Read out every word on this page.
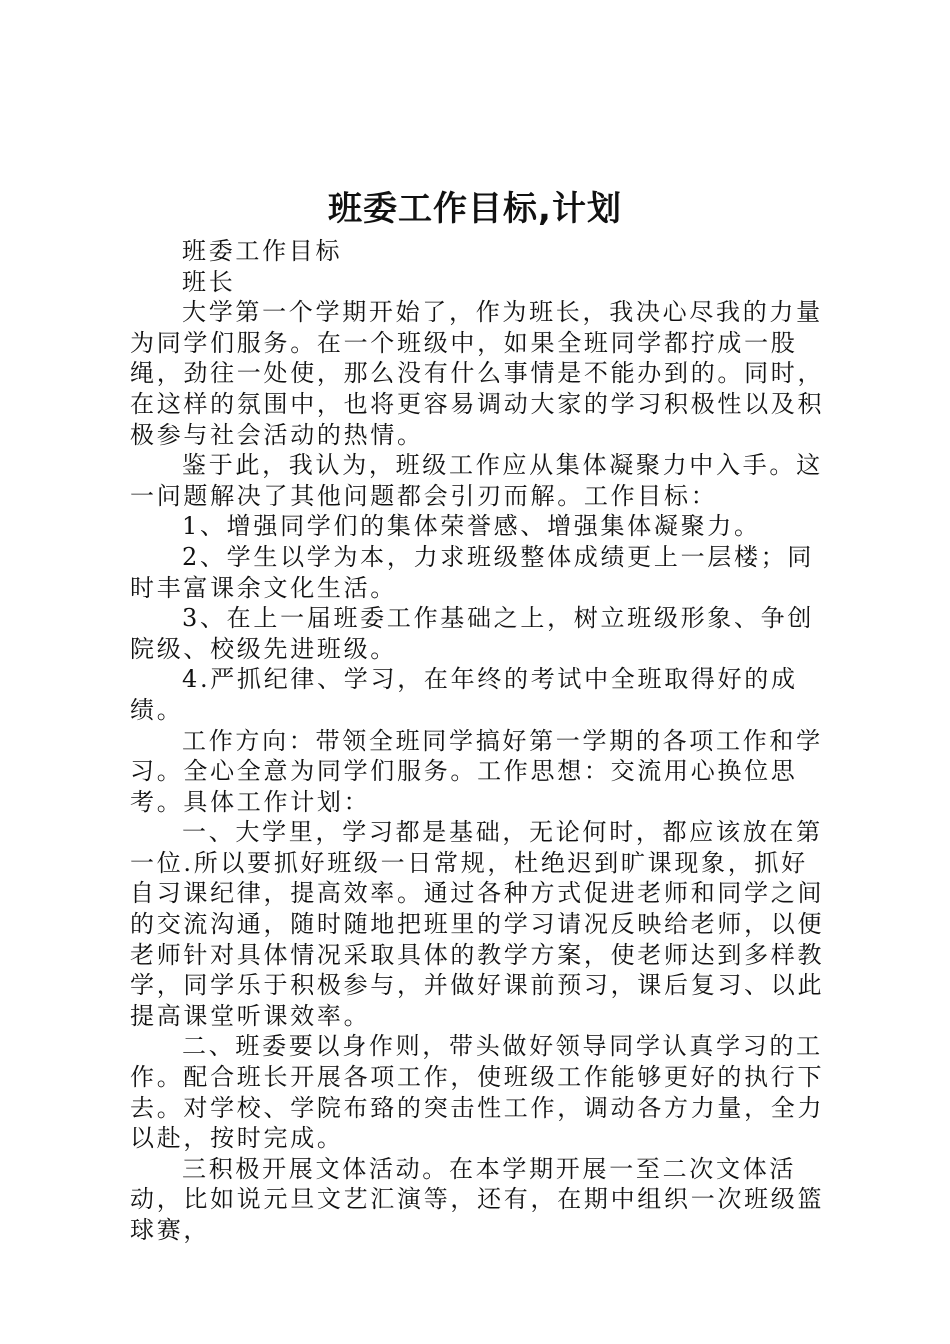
班委工作目标,计划

班委工作目标

班长

大学第一个学期开始了，作为班长，我决心尽我的力量为同学们服务。在一个班级中，如果全班同学都拧成一股绳，劲往一处使，那么没有什么事情是不能办到的。同时，在这样的氛围中，也将更容易调动大家的学习积极性以及积极参与社会活动的热情。

鉴于此，我认为，班级工作应从集体凝聚力中入手。这一问题解决了其他问题都会引刃而解。工作目标：

1、增强同学们的集体荣誉感、增强集体凝聚力。

2、学生以学为本，力求班级整体成绩更上一层楼；同时丰富课余文化生活。

3、在上一届班委工作基础之上，树立班级形象、争创院级、校级先进班级。

4.严抓纪律、学习，在年终的考试中全班取得好的成绩。

工作方向：带领全班同学搞好第一学期的各项工作和学习。全心全意为同学们服务。工作思想：交流用心换位思考。具体工作计划：

一、大学里，学习都是基础，无论何时，都应该放在第一位.所以要抓好班级一日常规，杜绝迟到旷课现象，抓好自习课纪律，提高效率。通过各种方式促进老师和同学之间的交流沟通，随时随地把班里的学习请况反映给老师，以便老师针对具体情况采取具体的教学方案，使老师达到多样教学，同学乐于积极参与，并做好课前预习，课后复习、以此提高课堂听课效率。

二、班委要以身作则，带头做好领导同学认真学习的工作。配合班长开展各项工作，使班级工作能够更好的执行下去。对学校、学院布臵的突击性工作，调动各方力量，全力以赴，按时完成。

三积极开展文体活动。在本学期开展一至二次文体活动，比如说元旦文艺汇演等，还有，在期中组织一次班级篮球赛，
